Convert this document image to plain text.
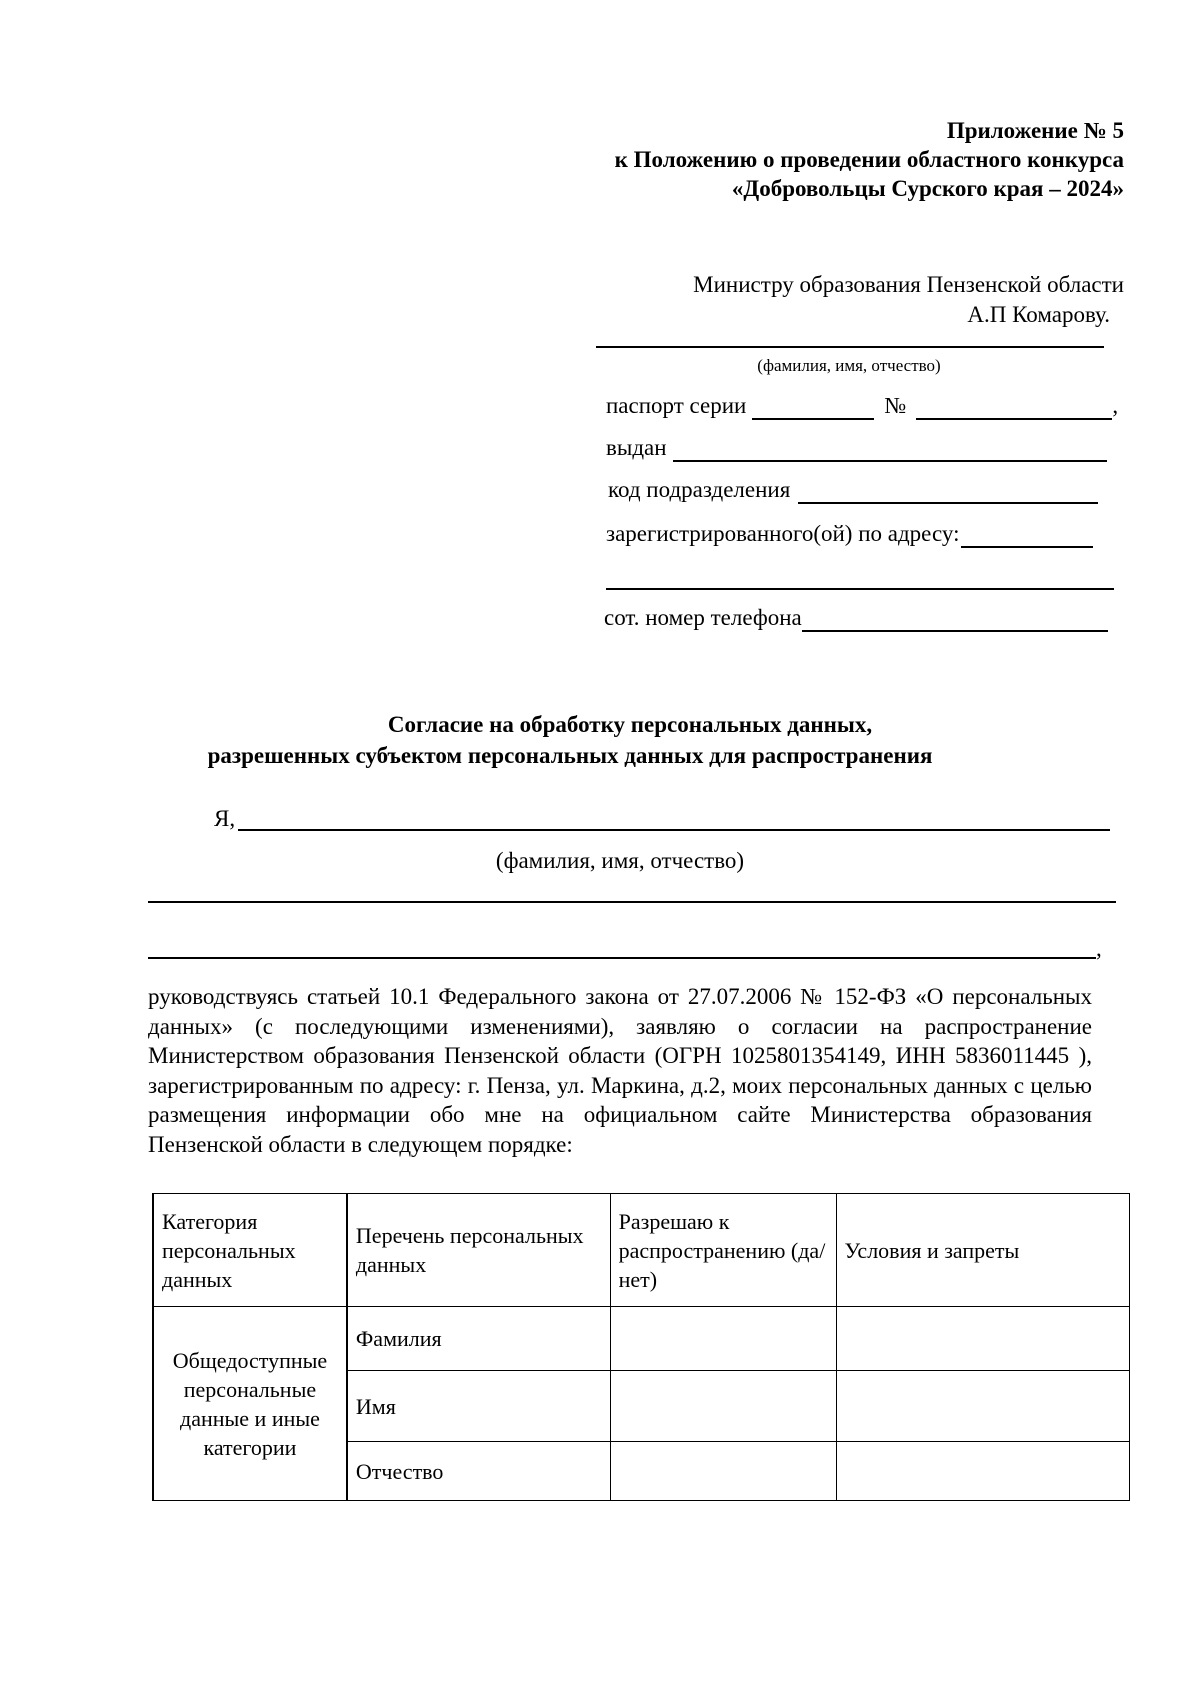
Приложение № 5
к Положению о проведении областного конкурса
«Добровольцы Сурского края – 2024»
Министру образования Пензенской области
А.П Комарову.
(фамилия, имя, отчество)
паспорт серии	№	,
выдан
код подразделения
зарегистрированного(ой) по адресу:
сот. номер телефона
Согласие на обработку персональных данных,
разрешенных субъектом персональных данных для распространения
Я,
(фамилия, имя, отчество)
,
руководствуясь статьей 10.1 Федерального закона от 27.07.2006 № 152-ФЗ «О персональных данных» (с последующими изменениями), заявляю о согласии на распространение Министерством образования Пензенской области (ОГРН 1025801354149, ИНН 5836011445 ), зарегистрированным по адресу: г. Пенза, ул. Маркина, д.2, моих персональных данных с целью размещения информации обо мне на официальном сайте Министерства образования Пензенской области в следующем порядке:
Категория персональных данных	Перечень персональных данных	Разрешаю к распространению (да/нет)	Условия и запреты
Общедоступные персональные данные и иные категории	Фамилия		
	Имя		
	Отчество		
